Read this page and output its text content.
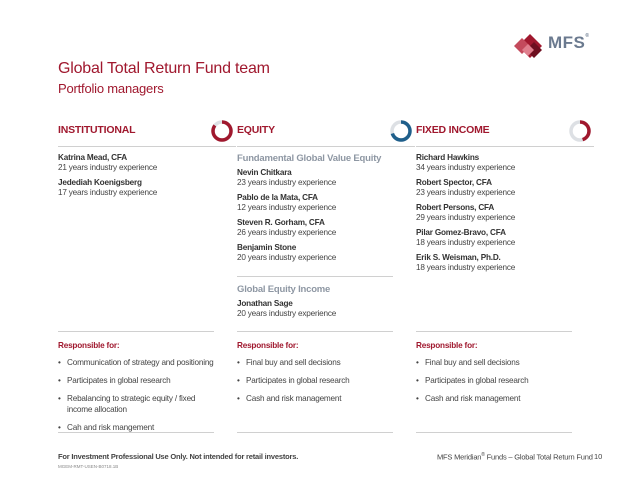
Global Total Return Fund team
Portfolio managers
MFS®
INSTITUTIONAL
Katrina Mead, CFA
21 years industry experience
Jedediah Koenigsberg
17 years industry experience
Responsible for:
• Communication of strategy and positioning
• Participates in global research
• Rebalancing to strategic equity / fixed income allocation
• Cah and risk mangement
EQUITY
Fundamental Global Value Equity
Nevin Chitkara
23 years industry experience
Pablo de la Mata, CFA
12 years industry experience
Steven R. Gorham, CFA
26 years industry experience
Benjamin Stone
20 years industry experience
Global Equity Income
Jonathan Sage
20 years industry experience
Responsible for:
• Final buy and sell decisions
• Participates in global research
• Cash and risk management
FIXED INCOME
Richard Hawkins
34 years industry experience
Robert Spector, CFA
23 years industry experience
Robert Persons, CFA
29 years industry experience
Pilar Gomez-Bravo, CFA
18 years industry experience
Erik S. Weisman, Ph.D.
18 years industry experience
Responsible for:
• Final buy and sell decisions
• Participates in global research
• Cash and risk management
For Investment Professional Use Only. Not intended for retail investors.
MGEM-RMT-USEN-B0718.1B
MFS Meridian® Funds – Global Total Return Fund 10
